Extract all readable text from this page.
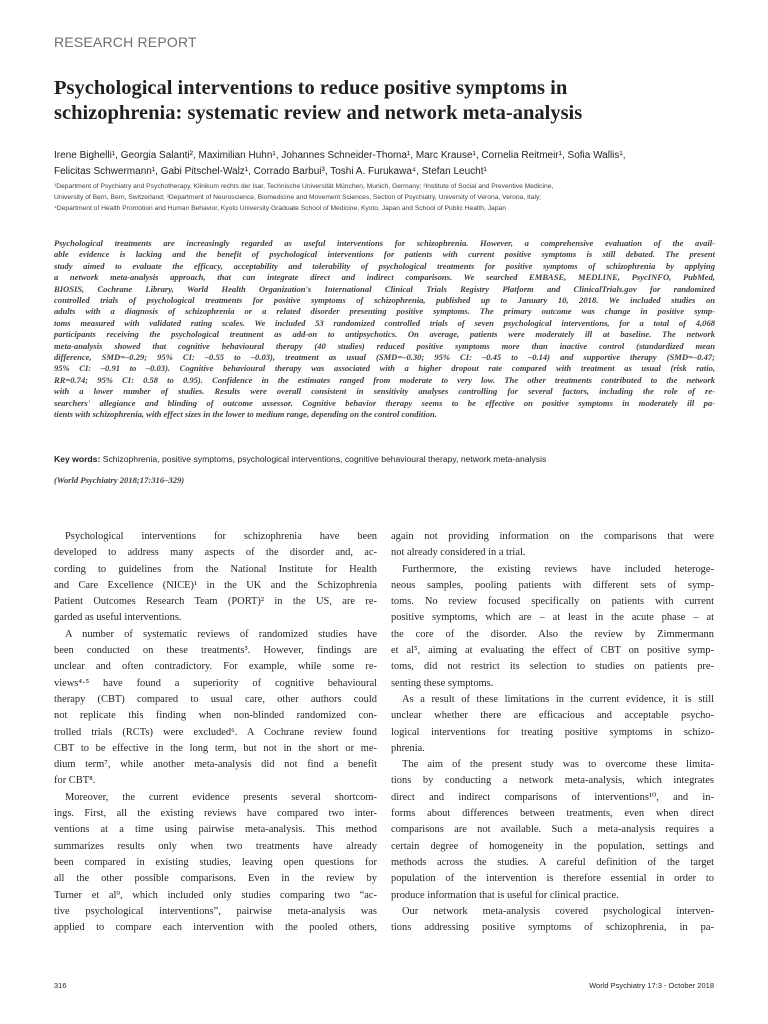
RESEARCH REPORT
Psychological interventions to reduce positive symptoms in
schizophrenia: systematic review and network meta-analysis
Irene Bighelli¹, Georgia Salanti², Maximilian Huhn¹, Johannes Schneider-Thoma¹, Marc Krause¹, Cornelia Reitmeir¹, Sofia Wallis¹,
Felicitas Schwermann¹, Gabi Pitschel-Walz¹, Corrado Barbui³, Toshi A. Furukawa⁴, Stefan Leucht¹
¹Department of Psychiatry and Psychotherapy, Klinikum rechts der Isar, Technische Universität München, Munich, Germany; ²Institute of Social and Preventive Medicine,
University of Bern, Bern, Switzerland; ³Department of Neuroscience, Biomedicine and Movement Sciences, Section of Psychiatry, University of Verona, Verona, Italy;
⁴Department of Health Promotion and Human Behavior, Kyoto University Graduate School of Medicine, Kyoto, Japan and School of Public Health, Japan
Psychological treatments are increasingly regarded as useful interventions for schizophrenia. However, a comprehensive evaluation of the avail-
able evidence is lacking and the benefit of psychological interventions for patients with current positive symptoms is still debated. The present
study aimed to evaluate the efficacy, acceptability and tolerability of psychological treatments for positive symptoms of schizophrenia by applying
a network meta-analysis approach, that can integrate direct and indirect comparisons. We searched EMBASE, MEDLINE, PsycINFO, PubMed,
BIOSIS, Cochrane Library, World Health Organization's International Clinical Trials Registry Platform and ClinicalTrials.gov for randomized
controlled trials of psychological treatments for positive symptoms of schizophrenia, published up to January 10, 2018. We included studies on
adults with a diagnosis of schizophrenia or a related disorder presenting positive symptoms. The primary outcome was change in positive symp-
toms measured with validated rating scales. We included 53 randomized controlled trials of seven psychological interventions, for a total of 4,068
participants receiving the psychological treatment as add-on to antipsychotics. On average, patients were moderately ill at baseline. The network
meta-analysis showed that cognitive behavioural therapy (40 studies) reduced positive symptoms more than inactive control (standardized mean
difference, SMD=–0.29; 95% CI: –0.55 to –0.03), treatment as usual (SMD=–0.30; 95% CI: –0.45 to –0.14) and supportive therapy (SMD=–0.47;
95% CI: –0.91 to –0.03). Cognitive behavioural therapy was associated with a higher dropout rate compared with treatment as usual (risk ratio,
RR=0.74; 95% CI: 0.58 to 0.95). Confidence in the estimates ranged from moderate to very low. The other treatments contributed to the network
with a lower number of studies. Results were overall consistent in sensitivity analyses controlling for several factors, including the role of re-
searchers' allegiance and blinding of outcome assessor. Cognitive behavior therapy seems to be effective on positive symptoms in moderately ill pa-
tients with schizophrenia, with effect sizes in the lower to medium range, depending on the control condition.
Key words: Schizophrenia, positive symptoms, psychological interventions, cognitive behavioural therapy, network meta-analysis
(World Psychiatry 2018;17:316–329)
Psychological interventions for schizophrenia have been
developed to address many aspects of the disorder and, ac-
cording to guidelines from the National Institute for Health
and Care Excellence (NICE)¹ in the UK and the Schizophrenia
Patient Outcomes Research Team (PORT)² in the US, are re-
garded as useful interventions.
A number of systematic reviews of randomized studies have
been conducted on these treatments³. However, findings are
unclear and often contradictory. For example, while some re-
views⁴·⁵ have found a superiority of cognitive behavioural
therapy (CBT) compared to usual care, other authors could
not replicate this finding when non-blinded randomized con-
trolled trials (RCTs) were excluded⁶. A Cochrane review found
CBT to be effective in the long term, but not in the short or me-
dium term⁷, while another meta-analysis did not find a benefit
for CBT⁸.
Moreover, the current evidence presents several shortcom-
ings. First, all the existing reviews have compared two inter-
ventions at a time using pairwise meta-analysis. This method
summarizes results only when two treatments have already
been compared in existing studies, leaving open questions for
all the other possible comparisons. Even in the review by
Turner et al⁹, which included only studies comparing two “ac-
tive psychological interventions”, pairwise meta-analysis was
applied to compare each intervention with the pooled others,
again not providing information on the comparisons that were
not already considered in a trial.
Furthermore, the existing reviews have included heteroge-
neous samples, pooling patients with different sets of symp-
toms. No review focused specifically on patients with current
positive symptoms, which are – at least in the acute phase – at
the core of the disorder. Also the review by Zimmermann
et al⁵, aiming at evaluating the effect of CBT on positive symp-
toms, did not restrict its selection to studies on patients pre-
senting these symptoms.
As a result of these limitations in the current evidence, it is still
unclear whether there are efficacious and acceptable psycho-
logical interventions for treating positive symptoms in schizo-
phrenia.
The aim of the present study was to overcome these limita-
tions by conducting a network meta-analysis, which integrates
direct and indirect comparisons of interventions¹⁰, and in-
forms about differences between treatments, even when direct
comparisons are not available. Such a meta-analysis requires a
certain degree of homogeneity in the population, settings and
methods across the studies. A careful definition of the target
population of the intervention is therefore essential in order to
produce information that is useful for clinical practice.
Our network meta-analysis covered psychological interven-
tions addressing positive symptoms of schizophrenia, in pa-
316	World Psychiatry 17:3 - October 2018
